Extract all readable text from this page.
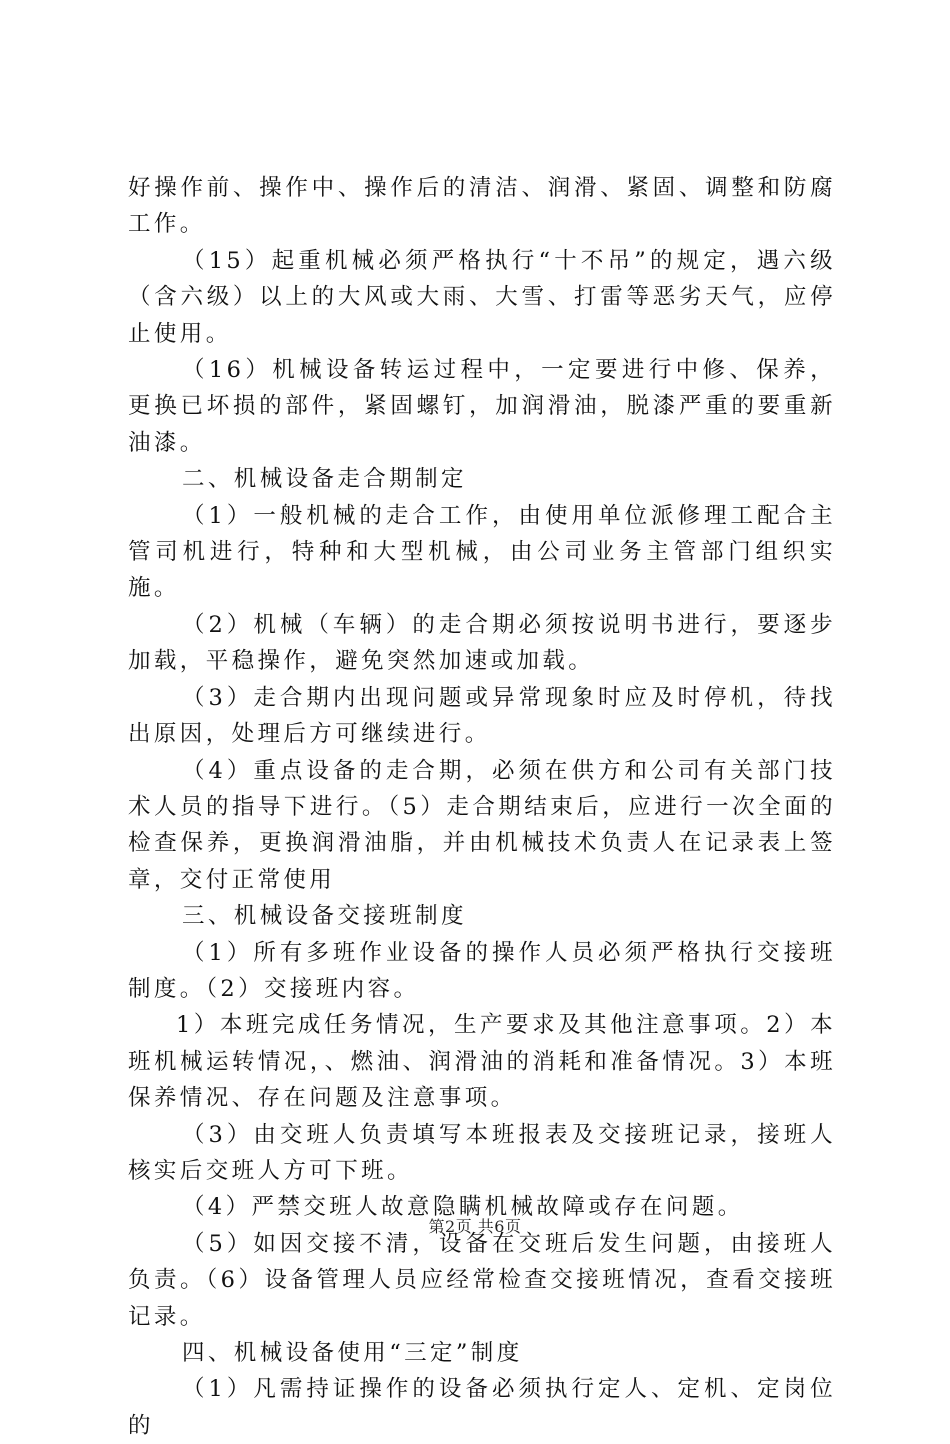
好操作前、操作中、操作后的清洁、润滑、紧固、调整和防腐工作。

（15）起重机械必须严格执行“十不吊”的规定，遇六级（含六级）以上的大风或大雨、大雪、打雷等恶劣天气，应停止使用。

（16）机械设备转运过程中，一定要进行中修、保养，更换已坏损的部件，紧固螺钉，加润滑油，脱漆严重的要重新油漆。

二、机械设备走合期制定

（1）一般机械的走合工作，由使用单位派修理工配合主管司机进行，特种和大型机械，由公司业务主管部门组织实施。

（2）机械（车辆）的走合期必须按说明书进行，要逐步加载，平稳操作，避免突然加速或加载。

（3）走合期内出现问题或异常现象时应及时停机，待找出原因，处理后方可继续进行。

（4）重点设备的走合期，必须在供方和公司有关部门技术人员的指导下进行。（5）走合期结束后，应进行一次全面的检查保养，更换润滑油脂，并由机械技术负责人在记录表上签章，交付正常使用

三、机械设备交接班制度

（1）所有多班作业设备的操作人员必须严格执行交接班制度。（2）交接班内容。

1）本班完成任务情况，生产要求及其他注意事项。2）本班机械运转情况，、燃油、润滑油的消耗和准备情况。3）本班保养情况、存在问题及注意事项。

（3）由交班人负责填写本班报表及交接班记录，接班人核实后交班人方可下班。

（4）严禁交班人故意隐瞒机械故障或存在问题。

（5）如因交接不清，设备在交班后发生问题，由接班人负责。（6）设备管理人员应经常检查交接班情况，查看交接班记录。

四、机械设备使用“三定”制度

（1）凡需持证操作的设备必须执行定人、定机、定岗位的

第2页 共6页
